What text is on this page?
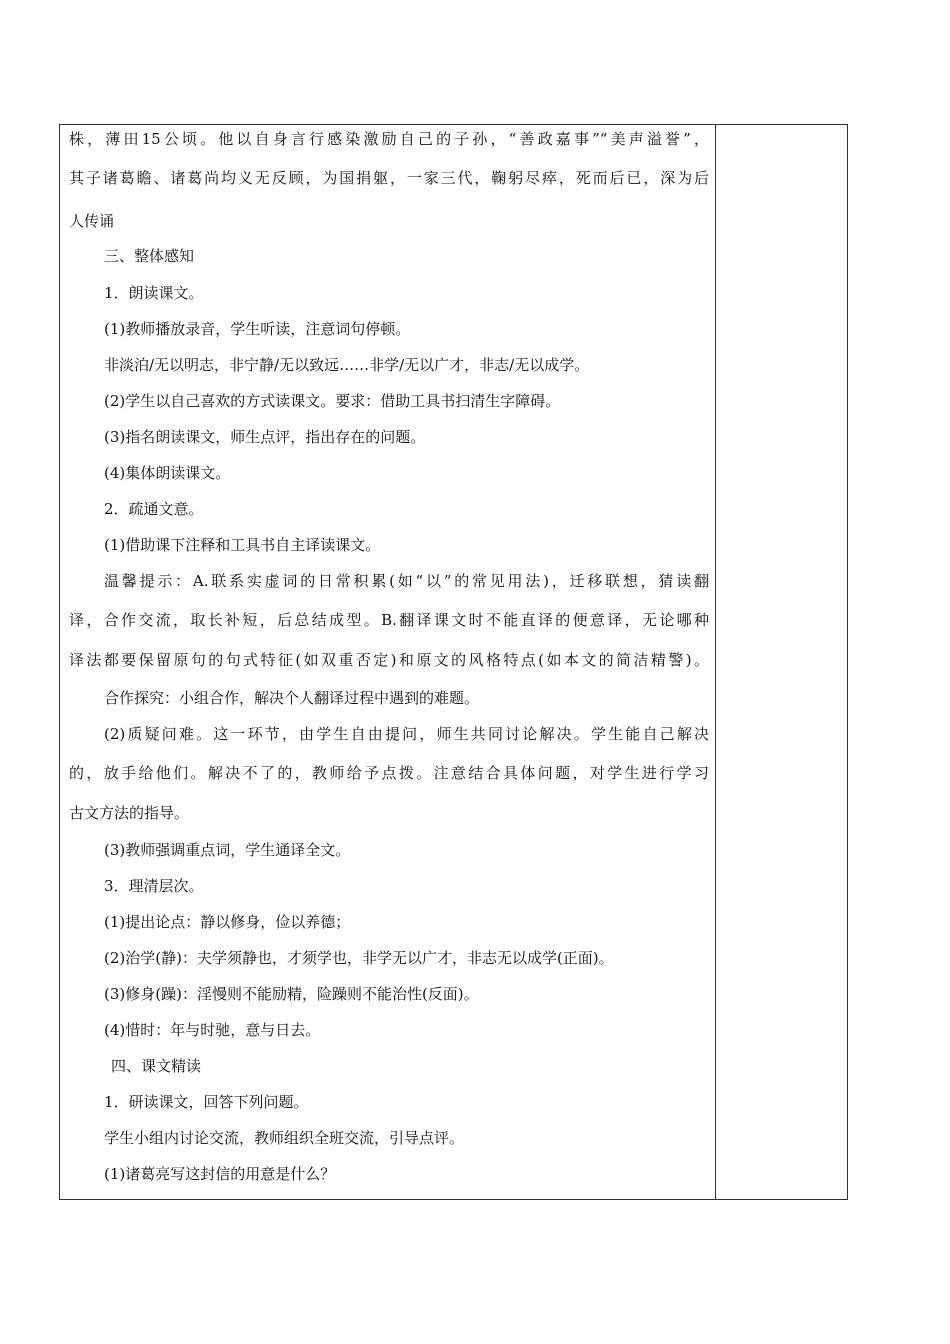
株，薄田15公顷。他以自身言行感染激励自己的子孙，“善政嘉事”“美声溢誉”，
其子诸葛瞻、诸葛尚均义无反顾，为国捐躯，一家三代，鞠躬尽瘁，死而后已，深为后
人传诵
三、整体感知
1．朗读课文。
(1)教师播放录音，学生听读，注意词句停顿。
非淡泊/无以明志，非宁静/无以致远……非学/无以广才，非志/无以成学。
(2)学生以自己喜欢的方式读课文。要求：借助工具书扫清生字障碍。
(3)指名朗读课文，师生点评，指出存在的问题。
(4)集体朗读课文。
2．疏通文意。
(1)借助课下注释和工具书自主译读课文。
温馨提示：A.联系实虚词的日常积累(如“以”的常见用法)，迁移联想，猜读翻
译，合作交流，取长补短，后总结成型。B.翻译课文时不能直译的便意译，无论哪种
译法都要保留原句的句式特征(如双重否定)和原文的风格特点(如本文的简洁精警)。
合作探究：小组合作，解决个人翻译过程中遇到的难题。
(2)质疑问难。这一环节，由学生自由提问，师生共同讨论解决。学生能自己解决
的，放手给他们。解决不了的，教师给予点拨。注意结合具体问题，对学生进行学习
古文方法的指导。
(3)教师强调重点词，学生通译全文。
3．理清层次。
(1)提出论点：静以修身，俭以养德；
(2)治学(静)：夫学须静也，才须学也，非学无以广才，非志无以成学(正面)。
(3)修身(躁)：淫慢则不能励精，险躁则不能治性(反面)。
(4)惜时：年与时驰，意与日去。
四、课文精读
1．研读课文，回答下列问题。
学生小组内讨论交流，教师组织全班交流，引导点评。
(1)诸葛亮写这封信的用意是什么？
